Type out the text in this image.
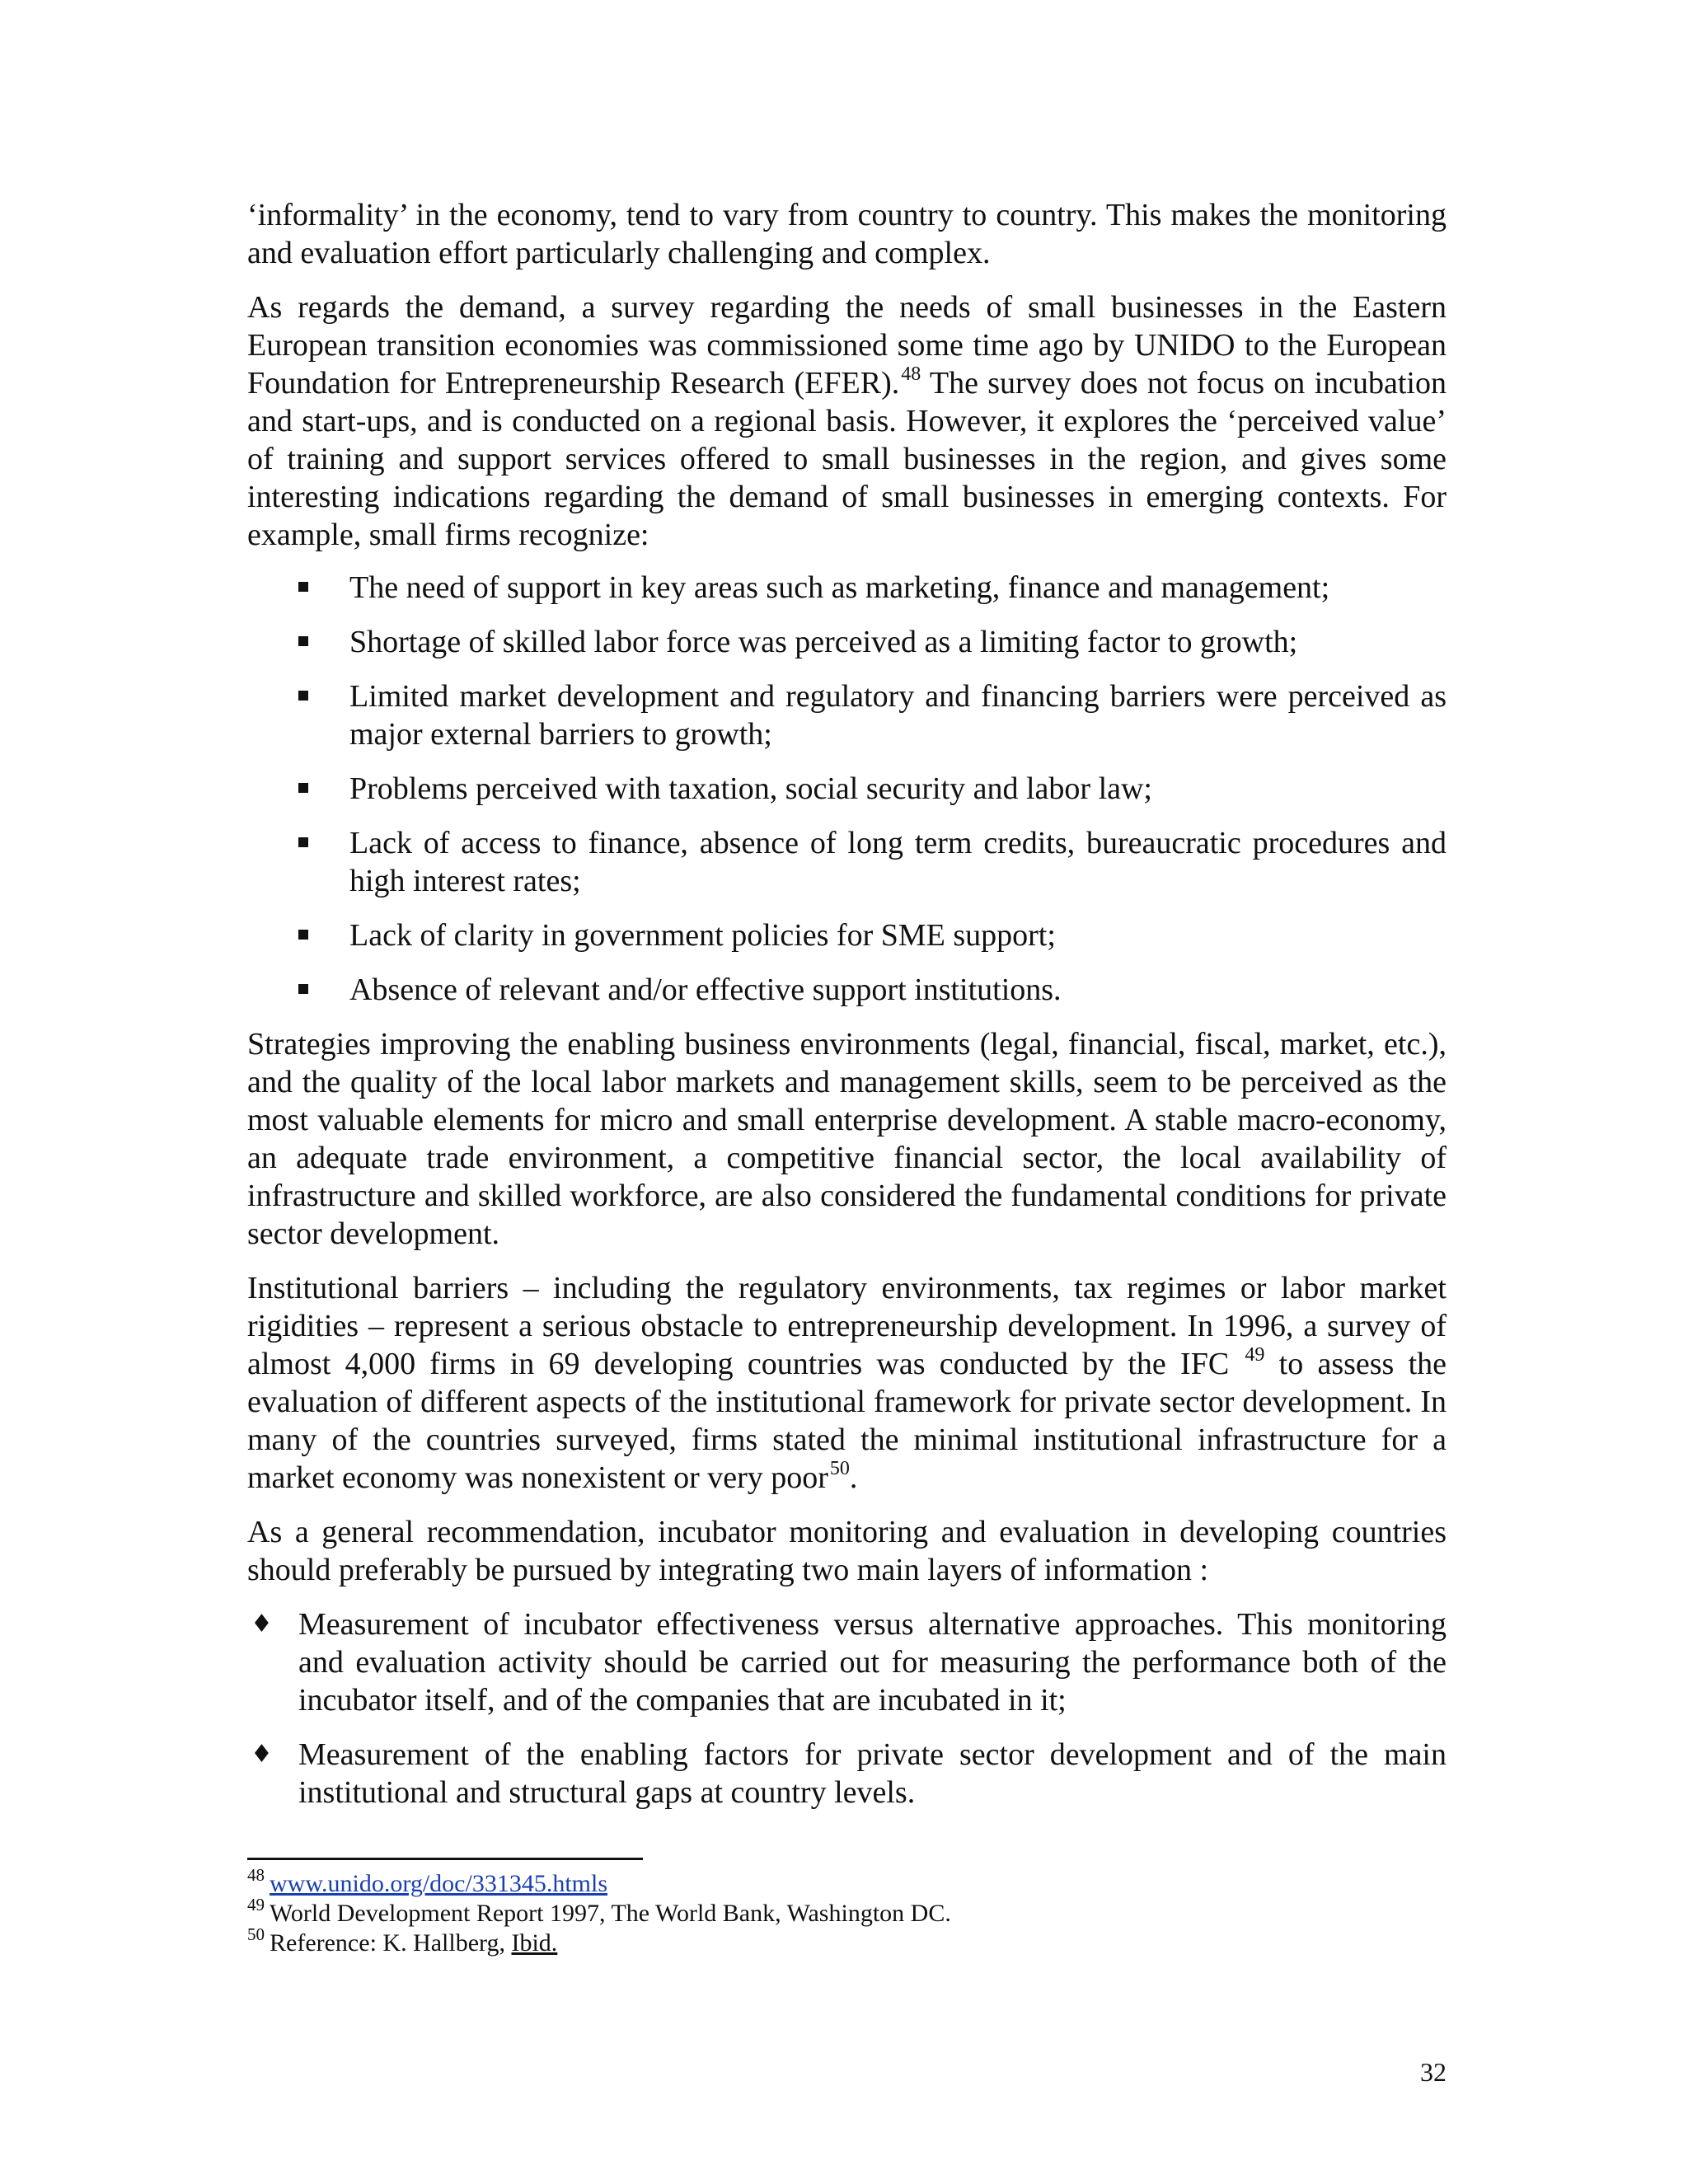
‘informality’ in the economy, tend to vary from country to country. This makes the monitoring and evaluation effort particularly challenging and complex.

As regards the demand, a survey regarding the needs of small businesses in the Eastern European transition economies was commissioned some time ago by UNIDO to the European Foundation for Entrepreneurship Research (EFER).$^{48}$ The survey does not focus on incubation and start-ups, and is conducted on a regional basis. However, it explores the ‘perceived value’ of training and support services offered to small businesses in the region, and gives some interesting indications regarding the demand of small businesses in emerging contexts. For example, small firms recognize:

The need of support in key areas such as marketing, finance and management;
Shortage of skilled labor force was perceived as a limiting factor to growth;
Limited market development and regulatory and financing barriers were perceived as major external barriers to growth;
Problems perceived with taxation, social security and labor law;
Lack of access to finance, absence of long term credits, bureaucratic procedures and high interest rates;
Lack of clarity in government policies for SME support;
Absence of relevant and/or effective support institutions.

Strategies improving the enabling business environments (legal, financial, fiscal, market, etc.), and the quality of the local labor markets and management skills, seem to be perceived as the most valuable elements for micro and small enterprise development. A stable macro-economy, an adequate trade environment, a competitive financial sector, the local availability of infrastructure and skilled workforce, are also considered the fundamental conditions for private sector development.

Institutional barriers – including the regulatory environments, tax regimes or labor market rigidities – represent a serious obstacle to entrepreneurship development. In 1996, a survey of almost 4,000 firms in 69 developing countries was conducted by the IFC $^{49}$ to assess the evaluation of different aspects of the institutional framework for private sector development. In many of the countries surveyed, firms stated the minimal institutional infrastructure for a market economy was nonexistent or very poor$^{50}$.

As a general recommendation, incubator monitoring and evaluation in developing countries should preferably be pursued by integrating two main layers of information :

♦ Measurement of incubator effectiveness versus alternative approaches. This monitoring and evaluation activity should be carried out for measuring the performance both of the incubator itself, and of the companies that are incubated in it;
♦ Measurement of the enabling factors for private sector development and of the main institutional and structural gaps at country levels.

$^{48}$ www.unido.org/doc/331345.htmls

$^{49}$ World Development Report 1997, The World Bank, Washington DC.

$^{50}$ Reference: K. Hallberg, Ibid.

32
